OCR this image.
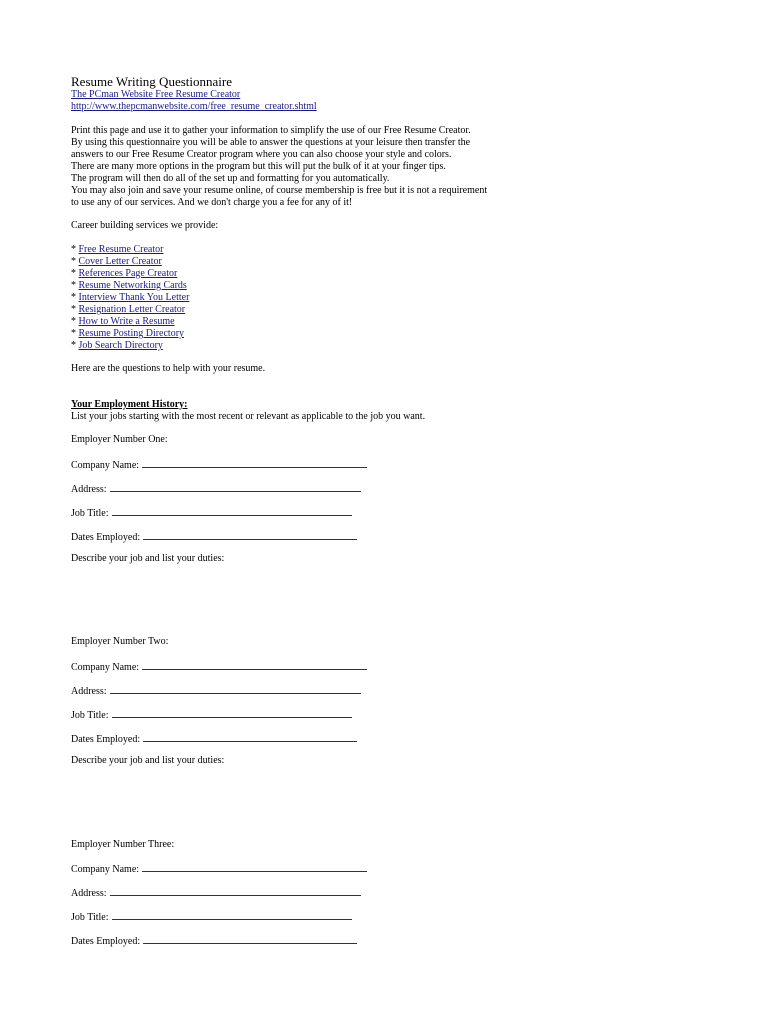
Resume Writing Questionnaire
The PCman Website Free Resume Creator
http://www.thepcmanwebsite.com/free_resume_creator.shtml
Print this page and use it to gather your information to simplify the use of our Free Resume Creator.
By using this questionnaire you will be able to answer the questions at your leisure then transfer the
answers to our Free Resume Creator program where you can also choose your style and colors.
There are many more options in the program but this will put the bulk of it at your finger tips.
The program will then do all of the set up and formatting for you automatically.
You may also join and save your resume online, of course membership is free but it is not a requirement
to use any of our services. And we don't charge you a fee for any of it!
Career building services we provide:
* Free Resume Creator
* Cover Letter Creator
* References Page Creator
* Resume Networking Cards
* Interview Thank You Letter
* Resignation Letter Creator
* How to Write a Resume
* Resume Posting Directory
* Job Search Directory
Here are the questions to help with your resume.
Your Employment History:
List your jobs starting with the most recent or relevant as applicable to the job you want.
Employer Number One:
Company Name:
Address:
Job Title:
Dates Employed:
Describe your job and list your duties:
Employer Number Two:
Company Name:
Address:
Job Title:
Dates Employed:
Describe your job and list your duties:
Employer Number Three:
Company Name:
Address:
Job Title:
Dates Employed:
